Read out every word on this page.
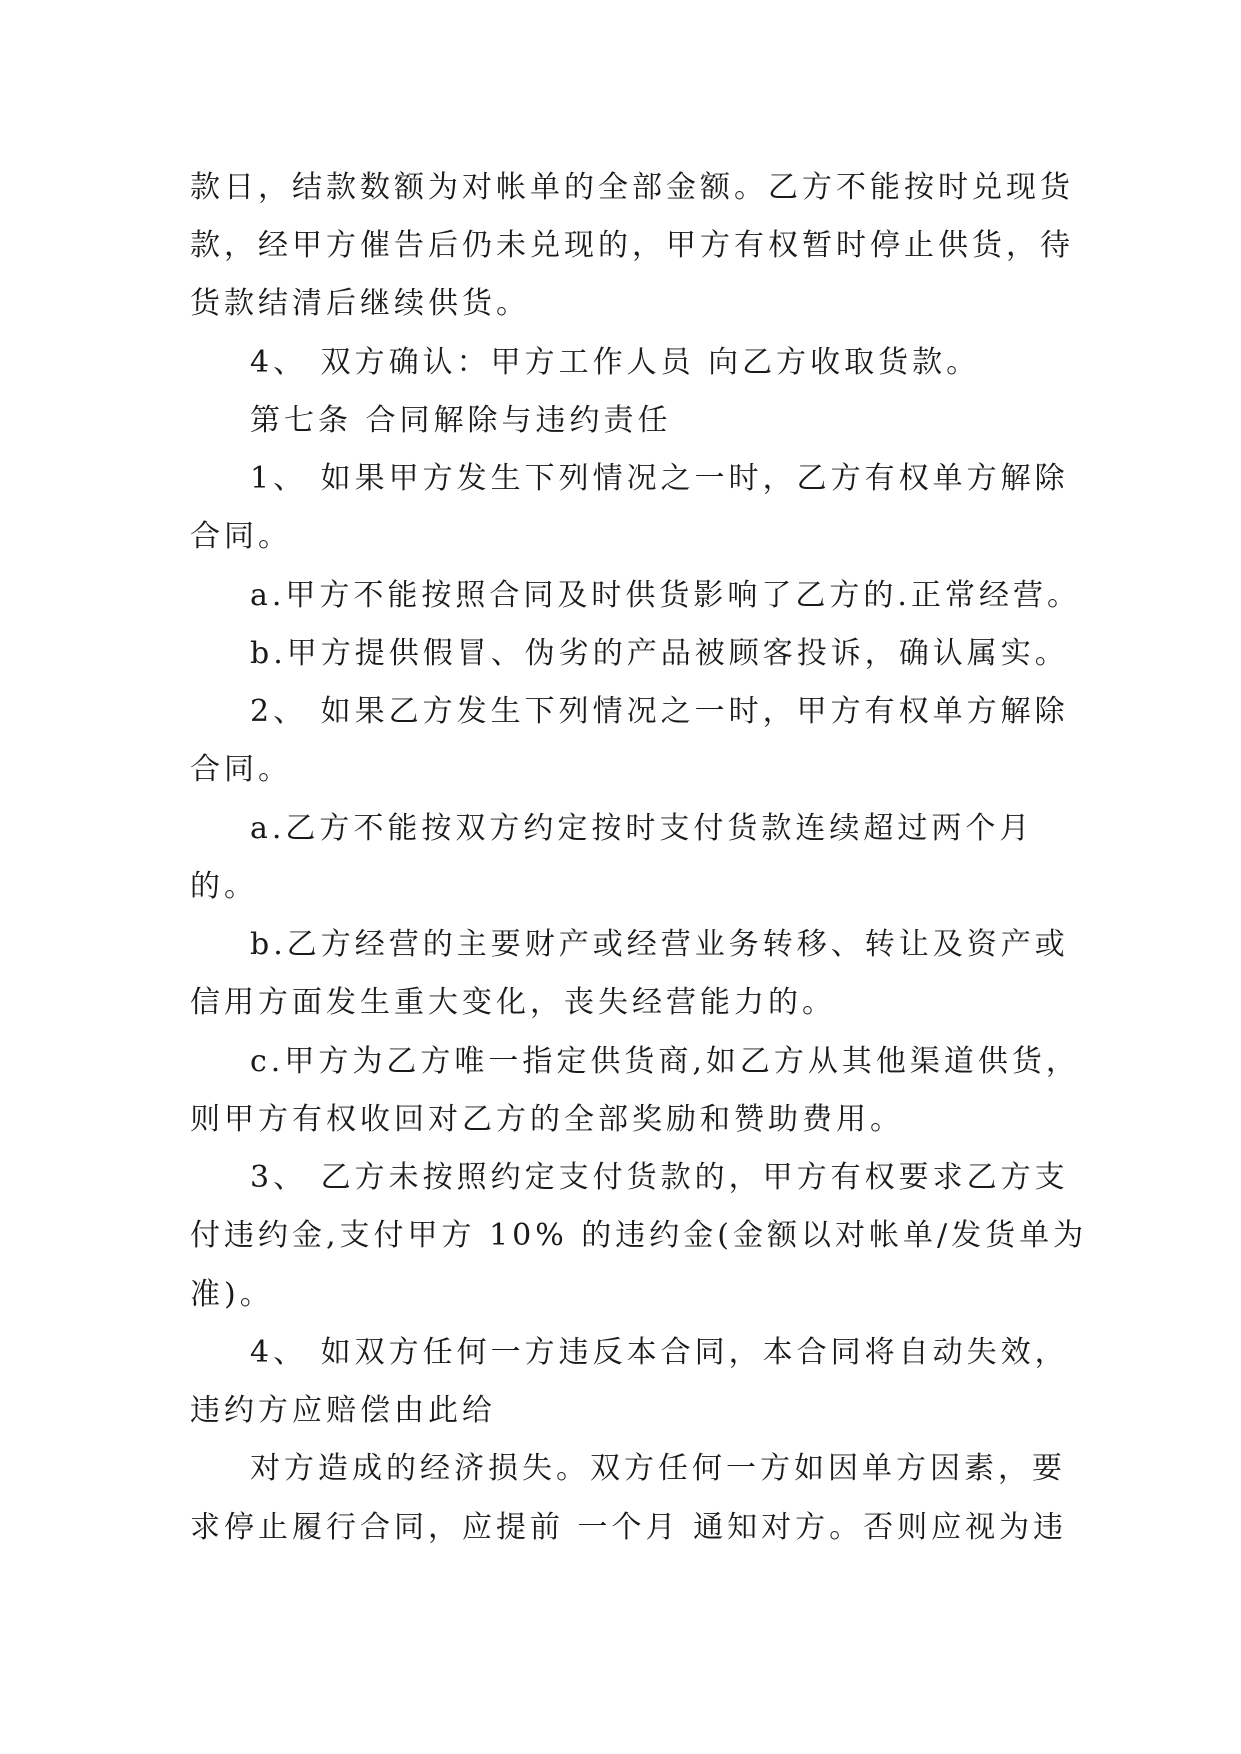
款日，结款数额为对帐单的全部金额。乙方不能按时兑现货
款，经甲方催告后仍未兑现的，甲方有权暂时停止供货，待
货款结清后继续供货。
4、 双方确认：甲方工作人员 向乙方收取货款。
第七条 合同解除与违约责任
1、 如果甲方发生下列情况之一时，乙方有权单方解除
合同。
a.甲方不能按照合同及时供货影响了乙方的.正常经营。
b.甲方提供假冒、伪劣的产品被顾客投诉，确认属实。
2、 如果乙方发生下列情况之一时，甲方有权单方解除
合同。
a.乙方不能按双方约定按时支付货款连续超过两个月
的。
b.乙方经营的主要财产或经营业务转移、转让及资产或
信用方面发生重大变化，丧失经营能力的。
c.甲方为乙方唯一指定供货商,如乙方从其他渠道供货，
则甲方有权收回对乙方的全部奖励和赞助费用。
3、 乙方未按照约定支付货款的，甲方有权要求乙方支
付违约金,支付甲方 10% 的违约金(金额以对帐单/发货单为
准)。
4、 如双方任何一方违反本合同，本合同将自动失效，
违约方应赔偿由此给
对方造成的经济损失。双方任何一方如因单方因素，要
求停止履行合同，应提前 一个月 通知对方。否则应视为违
